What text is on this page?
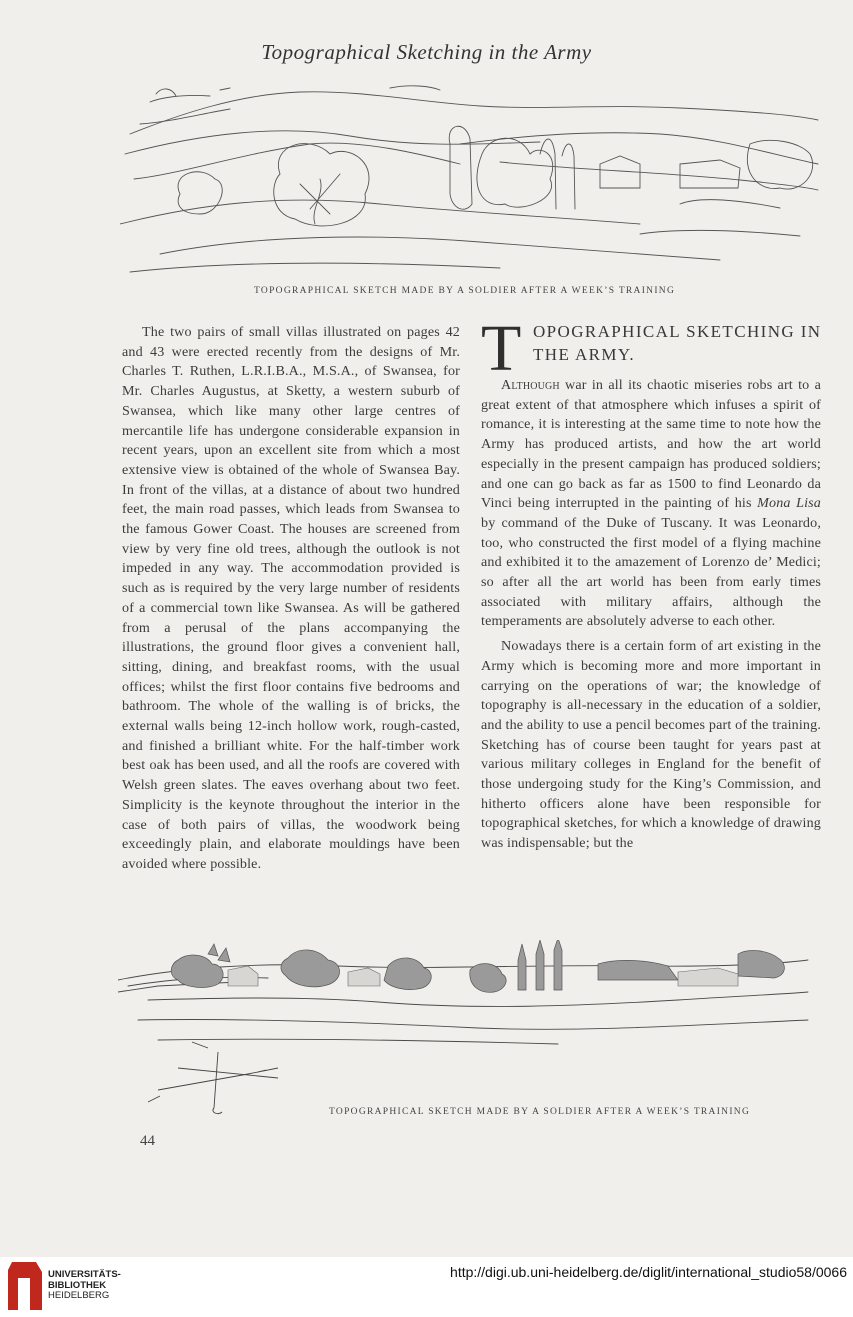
Topographical Sketching in the Army
TOPOGRAPHICAL SKETCH MADE BY A SOLDIER AFTER A WEEK’S TRAINING
The two pairs of small villas illustrated on pages 42 and 43 were erected recently from the designs of Mr. Charles T. Ruthen, L.R.I.B.A., M.S.A., of Swansea, for Mr. Charles Augustus, at Sketty, a western suburb of Swansea, which like many other large centres of mercantile life has undergone considerable expansion in recent years, upon an excellent site from which a most extensive view is obtained of the whole of Swansea Bay. In front of the villas, at a distance of about two hundred feet, the main road passes, which leads from Swansea to the famous Gower Coast. The houses are screened from view by very fine old trees, although the outlook is not impeded in any way. The accommodation provided is such as is required by the very large number of residents of a commercial town like Swansea. As will be gathered from a perusal of the plans accompanying the illustrations, the ground floor gives a convenient hall, sitting, dining, and breakfast rooms, with the usual offices; whilst the first floor contains five bedrooms and bathroom. The whole of the walling is of bricks, the external walls being 12-inch hollow work, rough-casted, and finished a brilliant white. For the half-timber work best oak has been used, and all the roofs are covered with Welsh green slates. The eaves overhang about two feet. Simplicity is the keynote throughout the interior in the case of both pairs of villas, the woodwork being exceedingly plain, and elaborate mouldings have been avoided where possible.
T OPOGRAPHICAL SKETCHING IN THE ARMY.

Although war in all its chaotic miseries robs art to a great extent of that atmosphere which infuses a spirit of romance, it is interesting at the same time to note how the Army has produced artists, and how the art world especially in the present campaign has produced soldiers; and one can go back as far as 1500 to find Leonardo da Vinci being interrupted in the painting of his Mona Lisa by command of the Duke of Tuscany. It was Leonardo, too, who constructed the first model of a flying machine and exhibited it to the amazement of Lorenzo de’ Medici; so after all the art world has been from early times associated with military affairs, although the temperaments are absolutely adverse to each other.

Nowadays there is a certain form of art existing in the Army which is becoming more and more important in carrying on the operations of war; the knowledge of topography is all-necessary in the education of a soldier, and the ability to use a pencil becomes part of the training. Sketching has of course been taught for years past at various military colleges in England for the benefit of those undergoing study for the King’s Commission, and hitherto officers alone have been responsible for topographical sketches, for which a knowledge of drawing was indispensable; but the

TOPOGRAPHICAL SKETCH MADE BY A SOLDIER AFTER A WEEK’S TRAINING
44
UNIVERSITÄTS-
BIBLIOTHEK
HEIDELBERG
http://digi.ub.uni-heidelberg.de/diglit/international_studio58/0066
